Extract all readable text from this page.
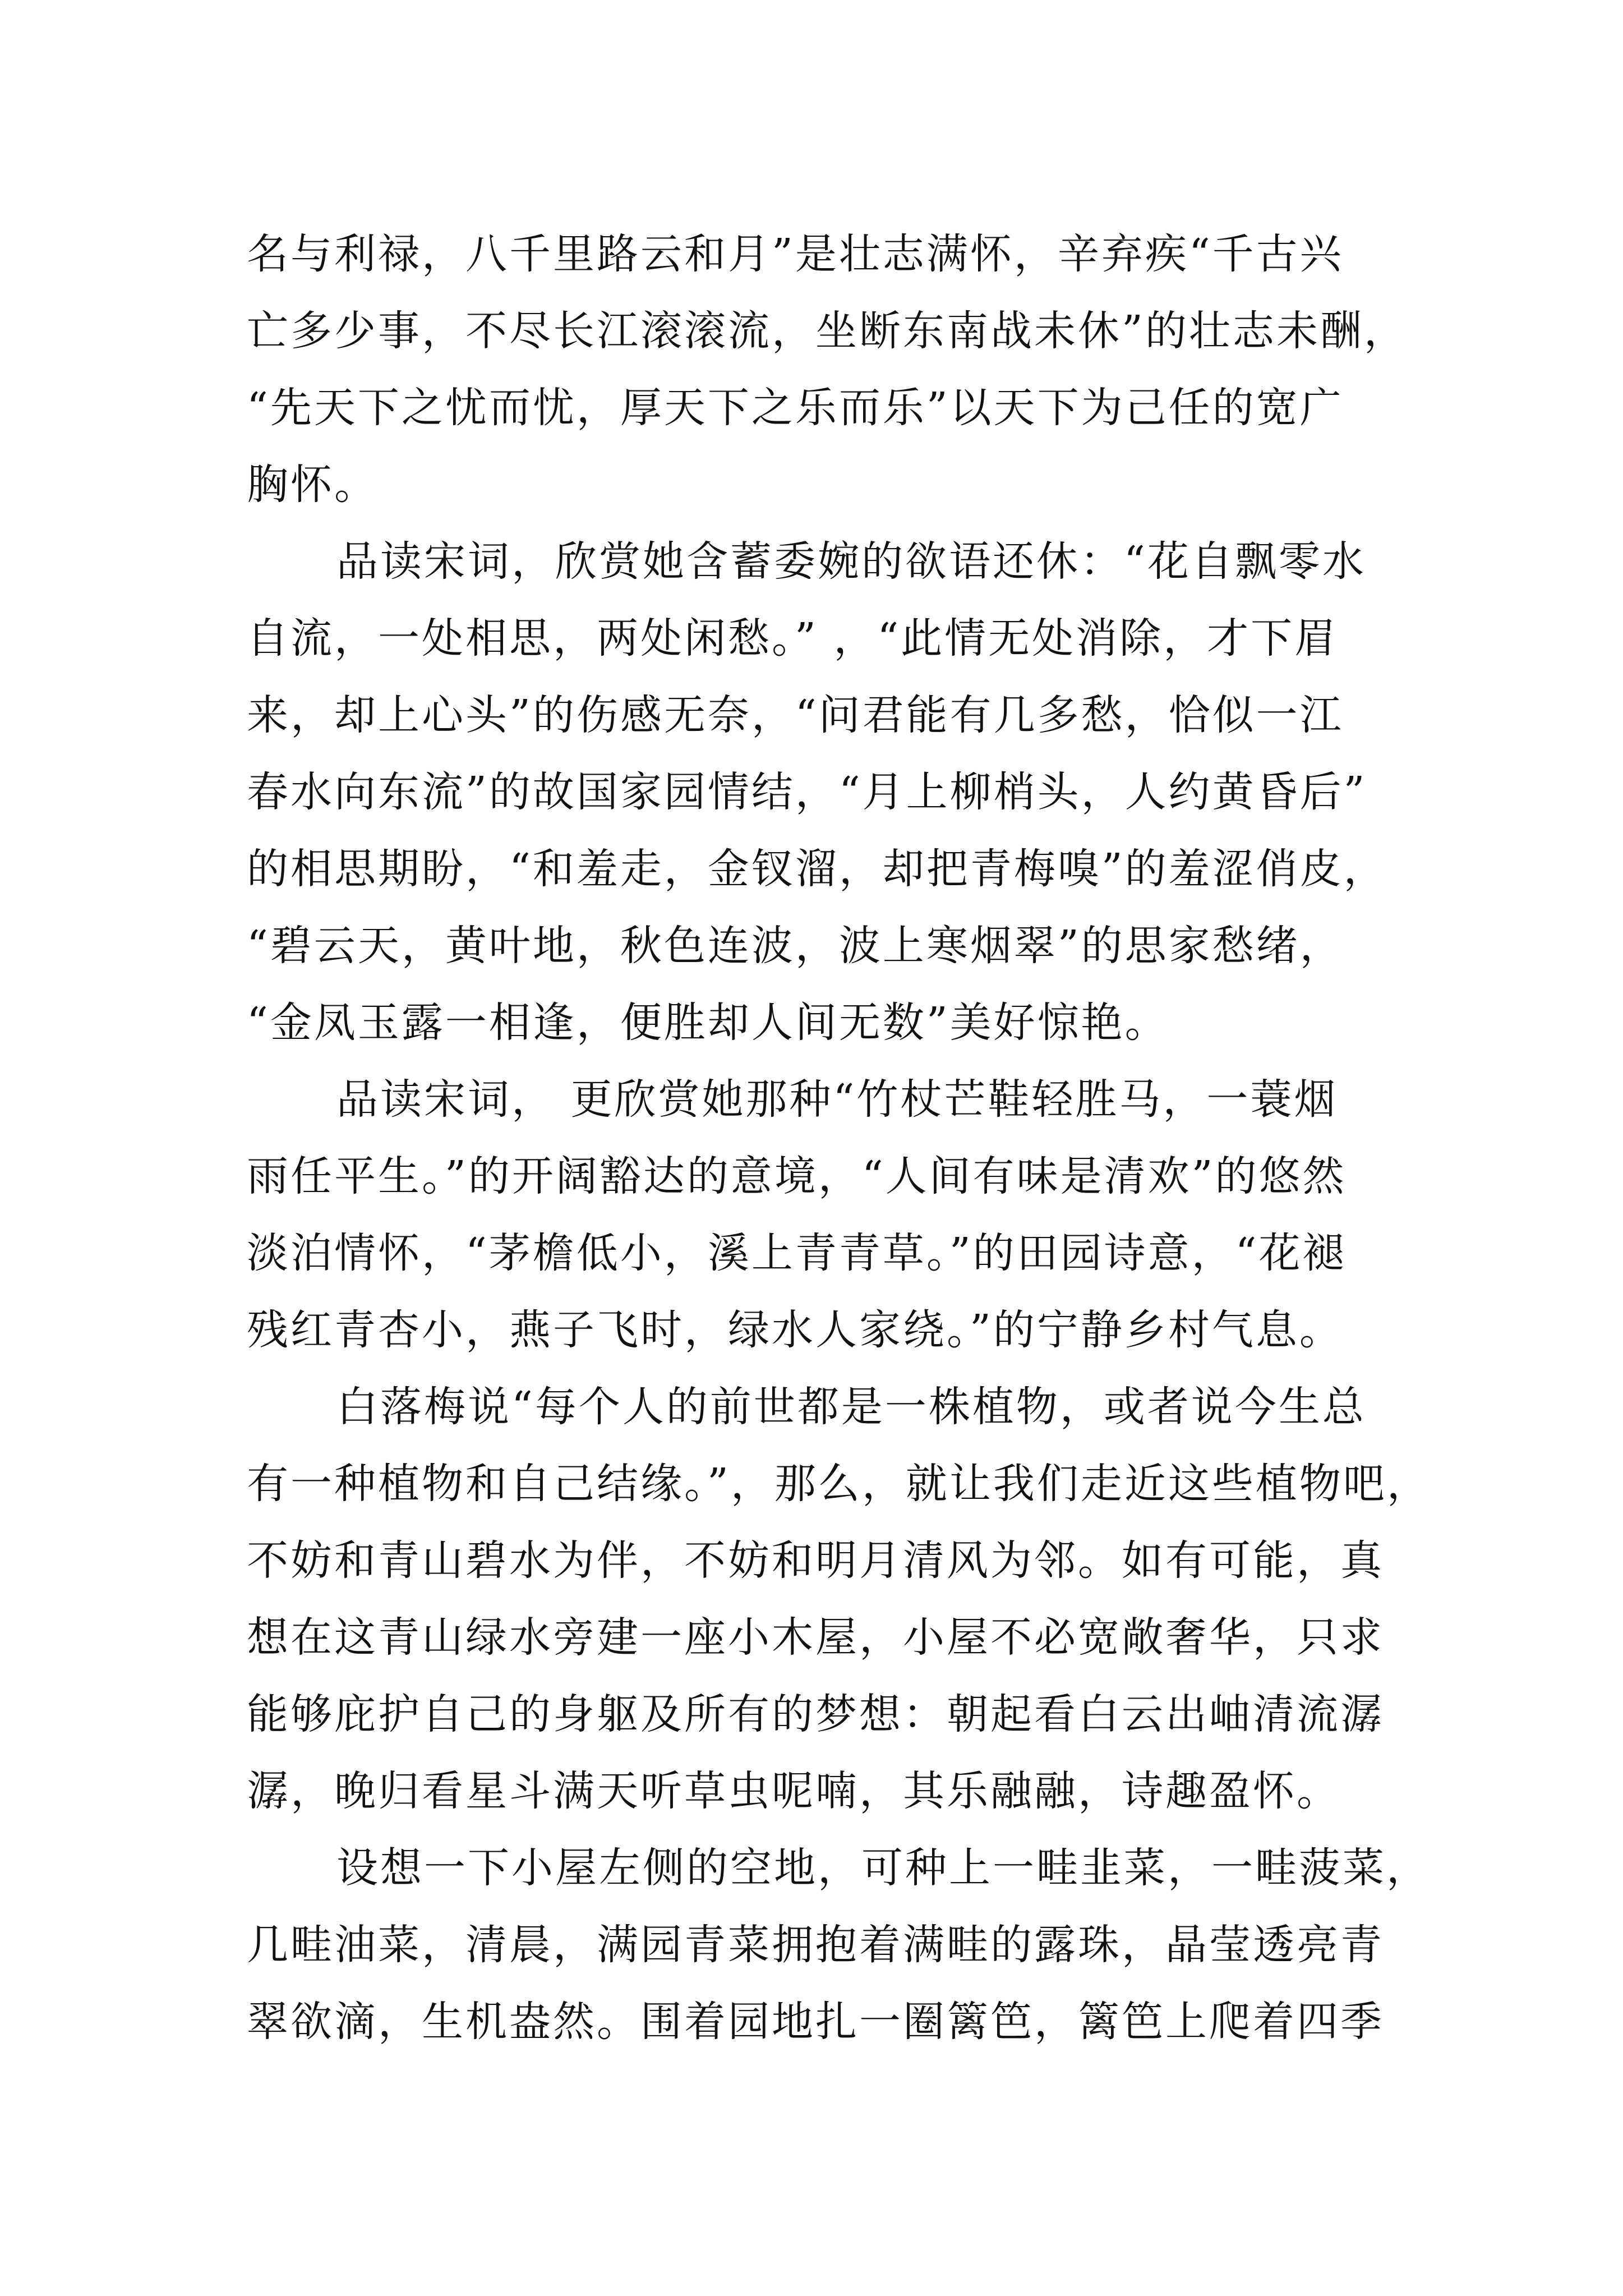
名与利禄，八千里路云和月”是壮志满怀，辛弃疾“千古兴
亡多少事，不尽长江滚滚流，坐断东南战未休”的壮志未酬，
“先天下之忧而忧，厚天下之乐而乐”以天下为己任的宽广
胸怀。
品读宋词，欣赏她含蓄委婉的欲语还休：“花自飘零水
自流，一处相思，两处闲愁。” ，“此情无处消除，才下眉
来，却上心头”的伤感无奈，“问君能有几多愁，恰似一江
春水向东流”的故国家园情结，“月上柳梢头，人约黄昏后”
的相思期盼，“和羞走，金钗溜，却把青梅嗅”的羞涩俏皮，
“碧云天，黄叶地，秋色连波，波上寒烟翠”的思家愁绪，
“金凤玉露一相逢，便胜却人间无数”美好惊艳。
品读宋词， 更欣赏她那种“竹杖芒鞋轻胜马，一蓑烟
雨任平生。”的开阔豁达的意境，“人间有味是清欢”的悠然
淡泊情怀，“茅檐低小，溪上青青草。”的田园诗意，“花褪
残红青杏小，燕子飞时，绿水人家绕。”的宁静乡村气息。
白落梅说“每个人的前世都是一株植物，或者说今生总
有一种植物和自己结缘。”，那么，就让我们走近这些植物吧，
不妨和青山碧水为伴，不妨和明月清风为邻。如有可能，真
想在这青山绿水旁建一座小木屋，小屋不必宽敞奢华，只求
能够庇护自己的身躯及所有的梦想：朝起看白云出岫清流潺
潺，晚归看星斗满天听草虫呢喃，其乐融融，诗趣盈怀。
设想一下小屋左侧的空地，可种上一畦韭菜，一畦菠菜，
几畦油菜，清晨，满园青菜拥抱着满畦的露珠，晶莹透亮青
翠欲滴，生机盎然。围着园地扎一圈篱笆，篱笆上爬着四季
